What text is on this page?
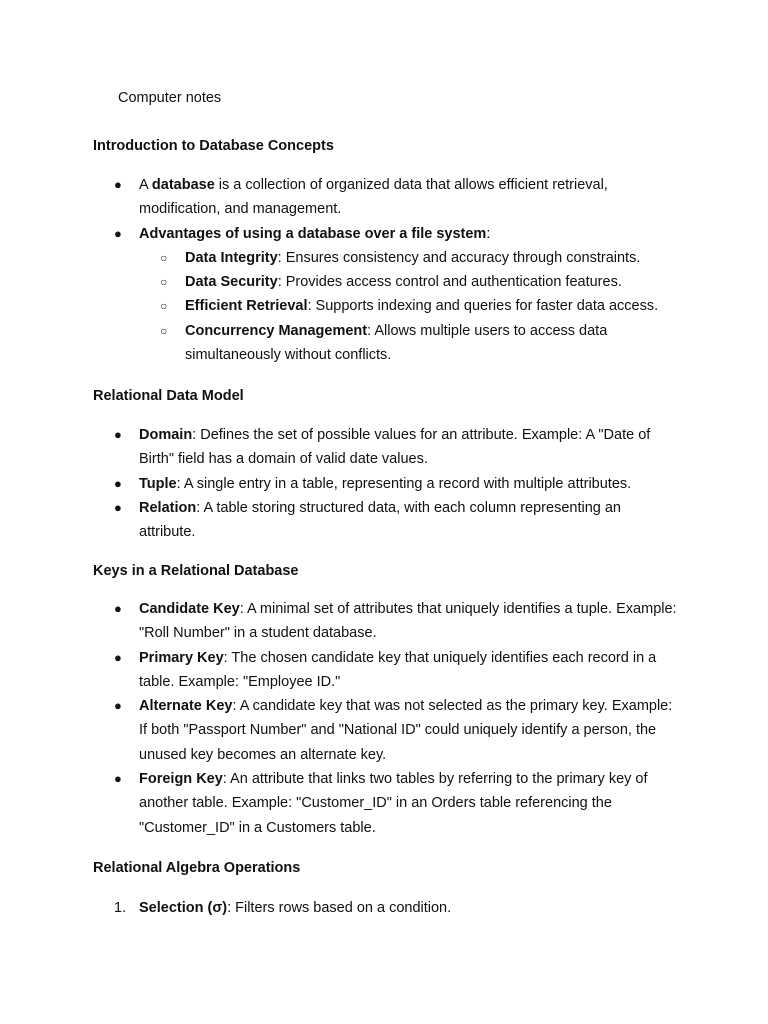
Computer notes
Introduction to Database Concepts
● A database is a collection of organized data that allows efficient retrieval, modification, and management.
● Advantages of using a database over a file system:
○ Data Integrity: Ensures consistency and accuracy through constraints.
○ Data Security: Provides access control and authentication features.
○ Efficient Retrieval: Supports indexing and queries for faster data access.
○ Concurrency Management: Allows multiple users to access data simultaneously without conflicts.
Relational Data Model
● Domain: Defines the set of possible values for an attribute. Example: A "Date of Birth" field has a domain of valid date values.
● Tuple: A single entry in a table, representing a record with multiple attributes.
● Relation: A table storing structured data, with each column representing an attribute.
Keys in a Relational Database
● Candidate Key: A minimal set of attributes that uniquely identifies a tuple. Example: "Roll Number" in a student database.
● Primary Key: The chosen candidate key that uniquely identifies each record in a table. Example: "Employee ID."
● Alternate Key: A candidate key that was not selected as the primary key. Example: If both "Passport Number" and "National ID" could uniquely identify a person, the unused key becomes an alternate key.
● Foreign Key: An attribute that links two tables by referring to the primary key of another table. Example: "Customer_ID" in an Orders table referencing the "Customer_ID" in a Customers table.
Relational Algebra Operations
1. Selection (σ): Filters rows based on a condition.
